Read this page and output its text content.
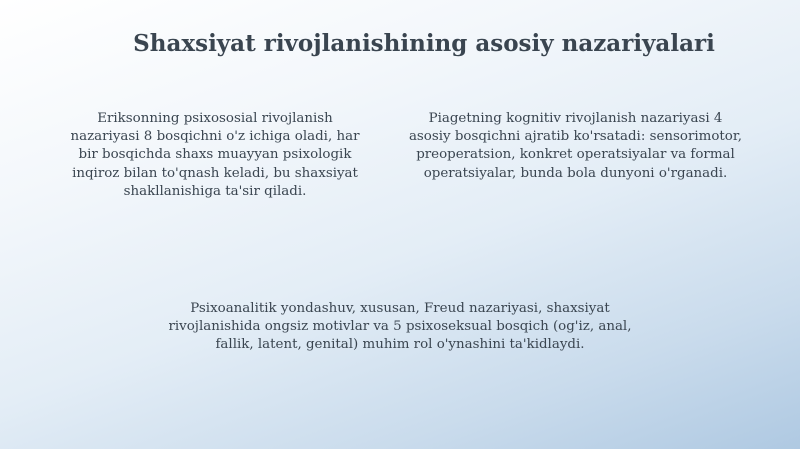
Shaxsiyat rivojlanishining asosiy nazariyalari
Eriksonning psixososial rivojlanish
nazariyasi 8 bosqichni o'z ichiga oladi, har
bir bosqichda shaxs muayyan psixologik
inqiroz bilan to'qnash keladi, bu shaxsiyat
shakllanishiga ta'sir qiladi.
Piagetning kognitiv rivojlanish nazariyasi 4
asosiy bosqichni ajratib ko'rsatadi: sensorimotor,
preoperatsion, konkret operatsiyalar va formal
operatsiyalar, bunda bola dunyoni o'rganadi.
Psixoanalitik yondashuv, xususan, Freud nazariyasi, shaxsiyat
rivojlanishida ongsiz motivlar va 5 psixoseksual bosqich (og'iz, anal,
fallik, latent, genital) muhim rol o'ynashini ta'kidlaydi.
